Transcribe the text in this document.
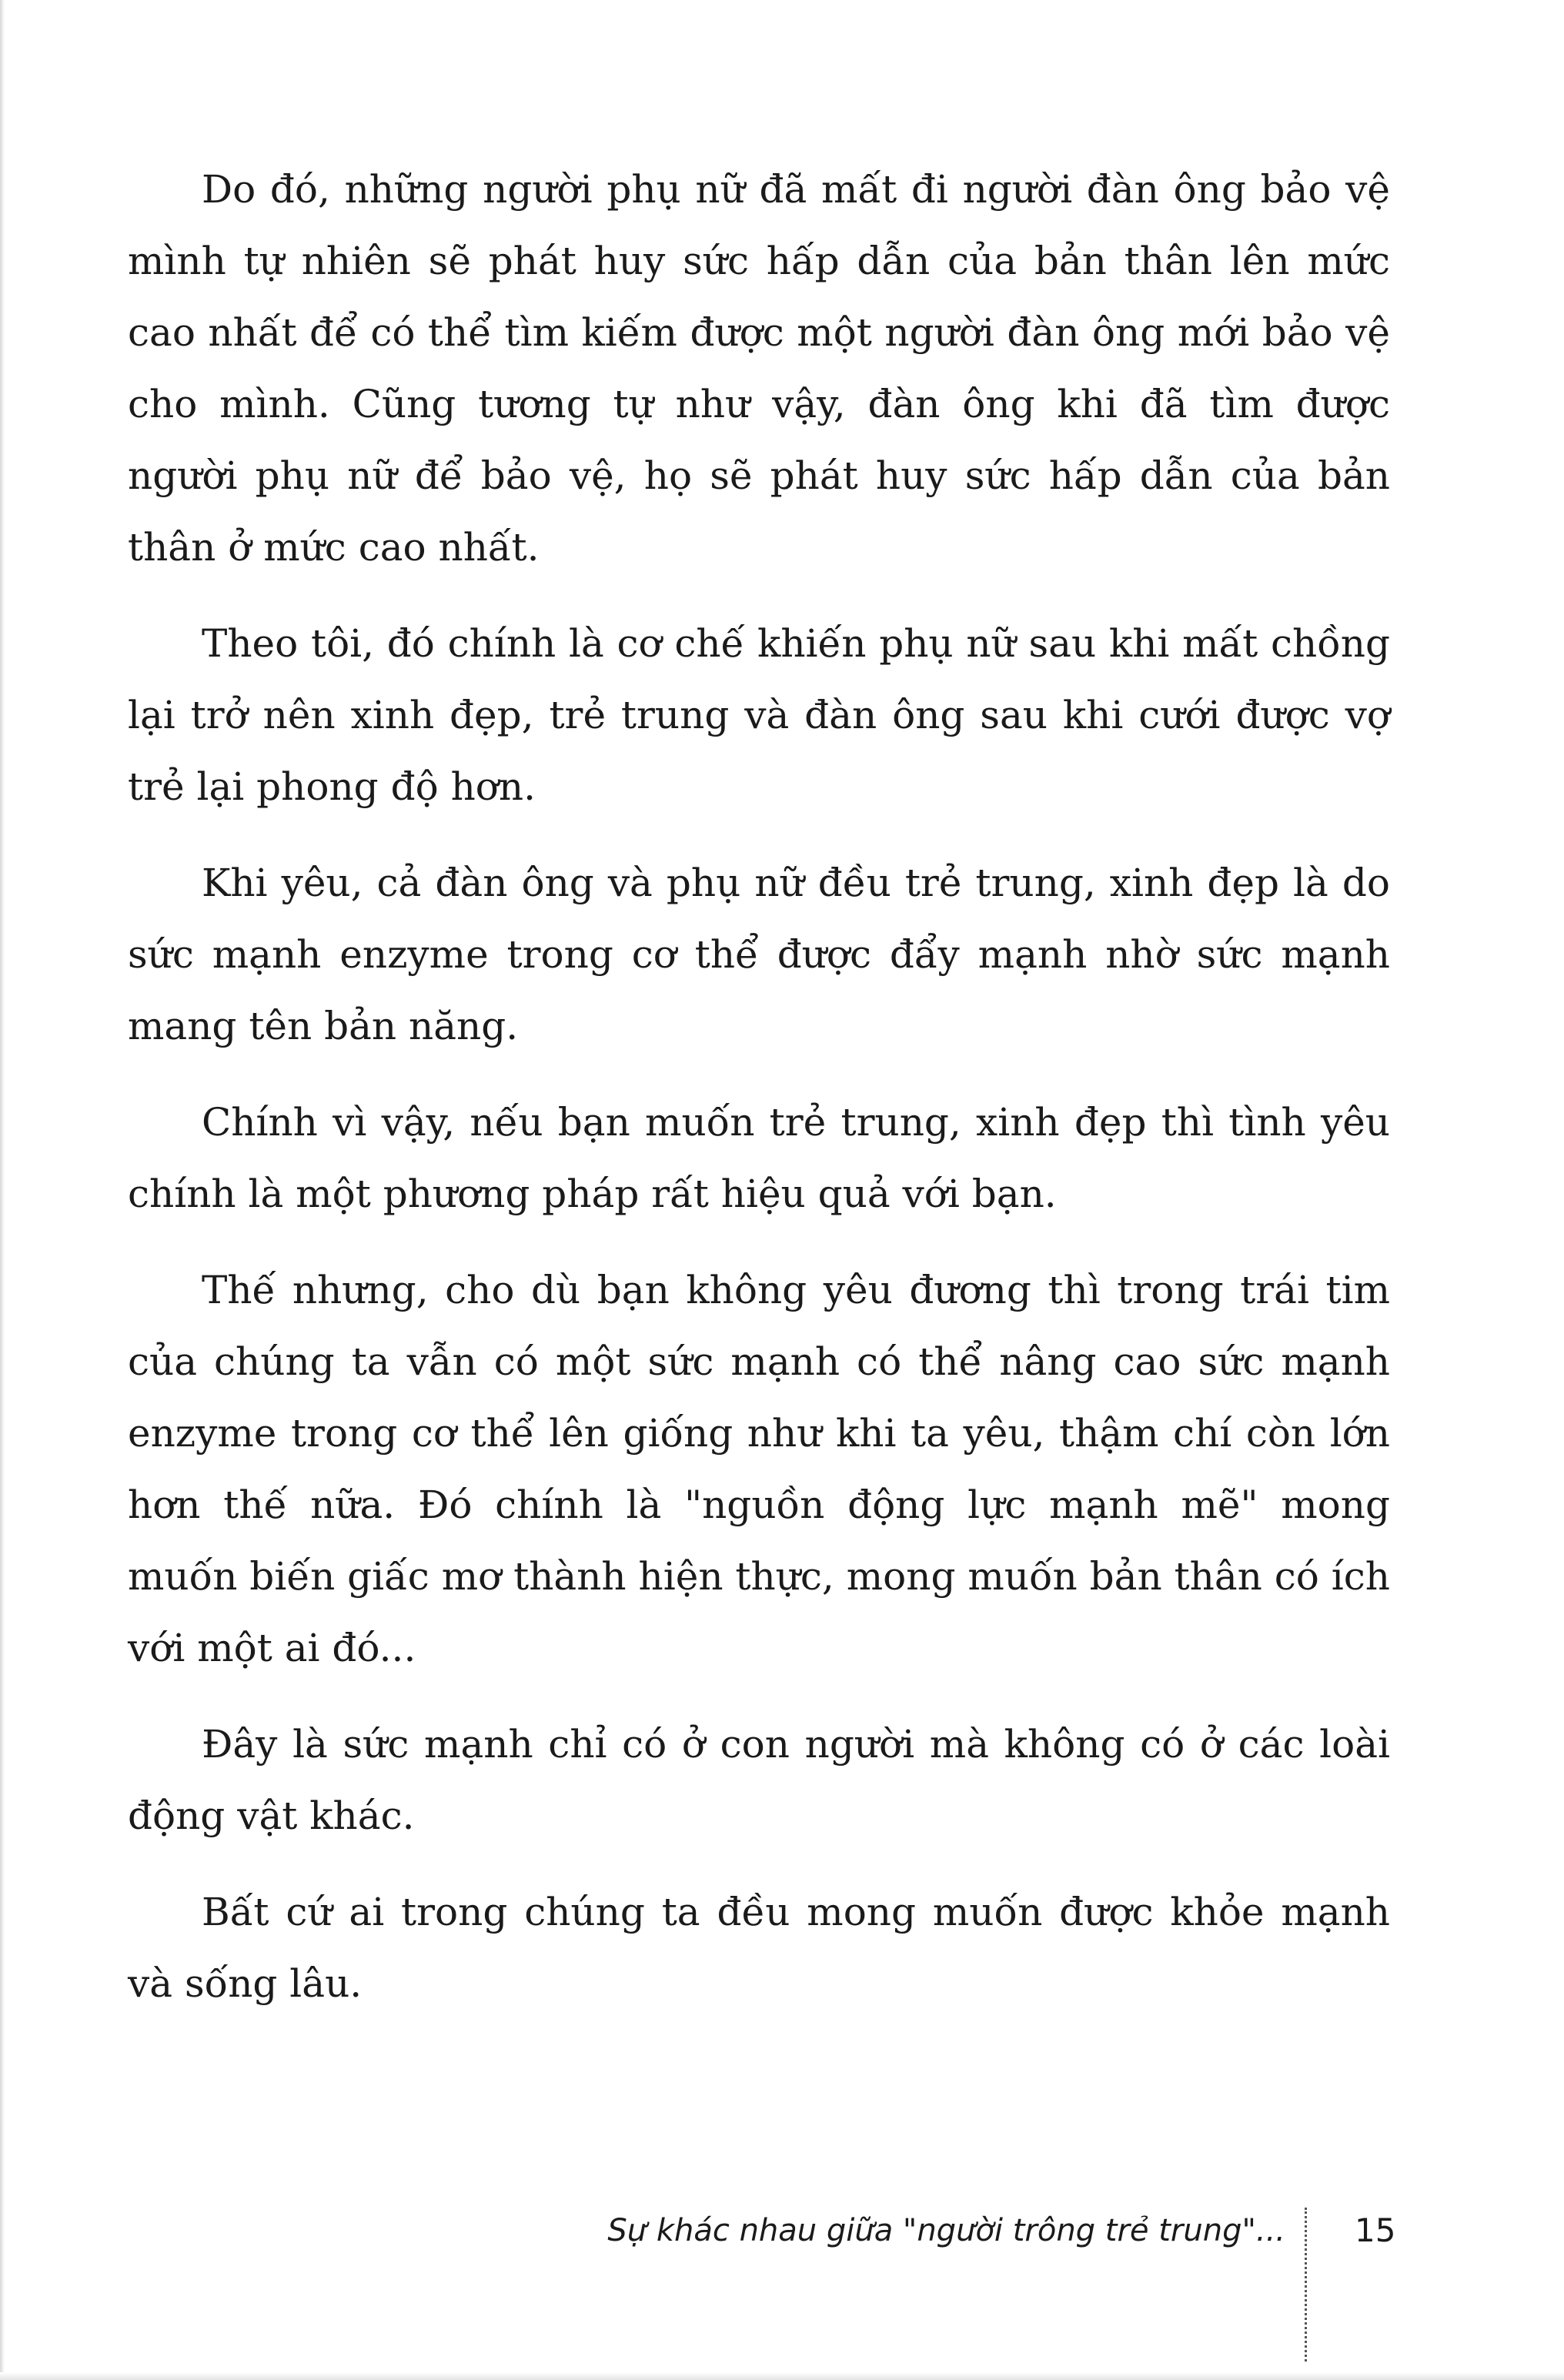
Do đó, những người phụ nữ đã mất đi người đàn ông bảo vệ mình tự nhiên sẽ phát huy sức hấp dẫn của bản thân lên mức cao nhất để có thể tìm kiếm được một người đàn ông mới bảo vệ cho mình. Cũng tương tự như vậy, đàn ông khi đã tìm được người phụ nữ để bảo vệ, họ sẽ phát huy sức hấp dẫn của bản thân ở mức cao nhất.

Theo tôi, đó chính là cơ chế khiến phụ nữ sau khi mất chồng lại trở nên xinh đẹp, trẻ trung và đàn ông sau khi cưới được vợ trẻ lại phong độ hơn.

Khi yêu, cả đàn ông và phụ nữ đều trẻ trung, xinh đẹp là do sức mạnh enzyme trong cơ thể được đẩy mạnh nhờ sức mạnh mang tên bản năng.

Chính vì vậy, nếu bạn muốn trẻ trung, xinh đẹp thì tình yêu chính là một phương pháp rất hiệu quả với bạn.

Thế nhưng, cho dù bạn không yêu đương thì trong trái tim của chúng ta vẫn có một sức mạnh có thể nâng cao sức mạnh enzyme trong cơ thể lên giống như khi ta yêu, thậm chí còn lớn hơn thế nữa. Đó chính là "nguồn động lực mạnh mẽ" mong muốn biến giấc mơ thành hiện thực, mong muốn bản thân có ích với một ai đó...

Đây là sức mạnh chỉ có ở con người mà không có ở các loài động vật khác.

Bất cứ ai trong chúng ta đều mong muốn được khỏe mạnh và sống lâu.

Sự khác nhau giữa "người trông trẻ trung"... 15
